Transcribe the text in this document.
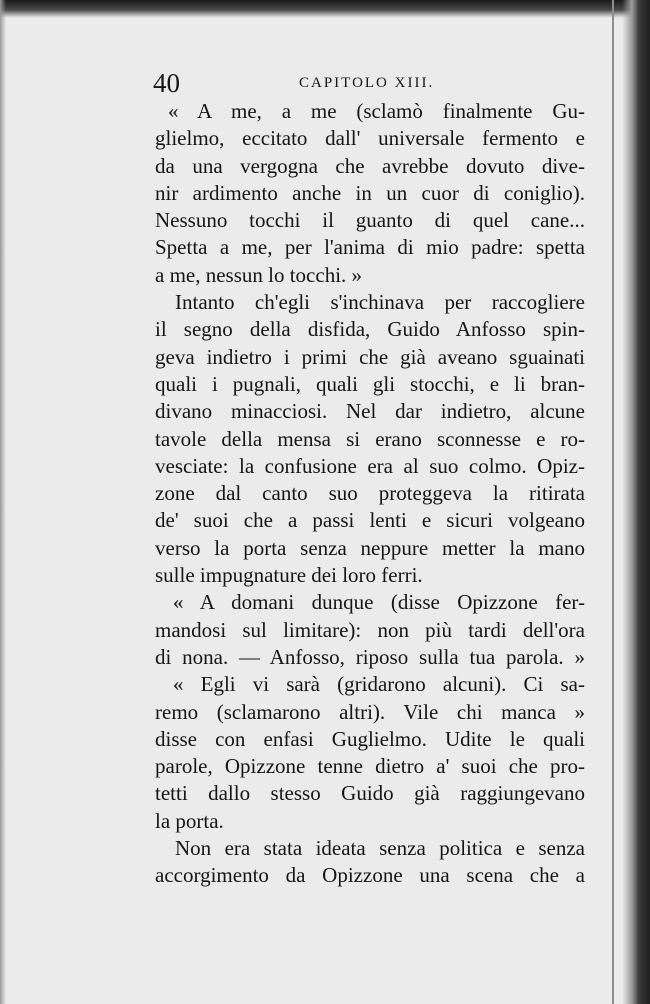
40	CAPITOLO XIII.
« A me, a me (sclamò finalmente Gu-
glielmo, eccitato dall' universale fermento e
da una vergogna che avrebbe dovuto dive-
nir ardimento anche in un cuor di coniglio).
Nessuno tocchi il guanto di quel cane...
Spetta a me, per l'anima di mio padre: spetta
a me, nessun lo tocchi. »
Intanto ch'egli s'inchinava per raccogliere
il segno della disfida, Guido Anfosso spin-
geva indietro i primi che già aveano sguainati
quali i pugnali, quali gli stocchi, e li bran-
divano minacciosi. Nel dar indietro, alcune
tavole della mensa si erano sconnesse e ro-
vesciate: la confusione era al suo colmo. Opiz-
zone dal canto suo proteggeva la ritirata
de' suoi che a passi lenti e sicuri volgeano
verso la porta senza neppure metter la mano
sulle impugnature dei loro ferri.
« A domani dunque (disse Opizzone fer-
mandosi sul limitare): non più tardi dell'ora
di nona. — Anfosso, riposo sulla tua parola. »
« Egli vi sarà (gridarono alcuni). Ci sa-
remo (sclamarono altri). Vile chi manca »
disse con enfasi Guglielmo. Udite le quali
parole, Opizzone tenne dietro a' suoi che pro-
tetti dallo stesso Guido già raggiungevano
la porta.
Non era stata ideata senza politica e senza
accorgimento da Opizzone una scena che a
